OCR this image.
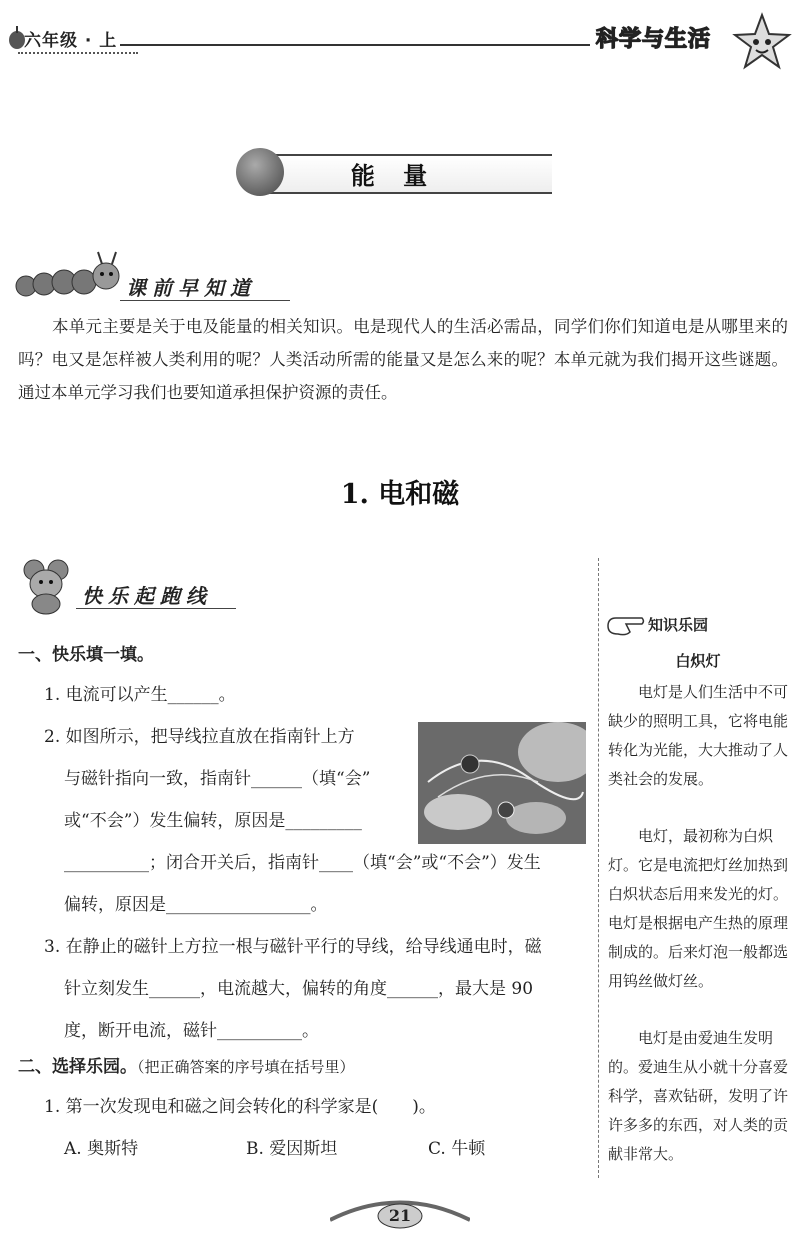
六年级 · 上	科学与生活
能 量
课前早知道
本单元主要是关于电及能量的相关知识。电是现代人的生活必需品，同学们你们知道电是从哪里来的吗？电又是怎样被人类利用的呢？人类活动所需的能量又是怎么来的呢？本单元就为我们揭开这些谜题。通过本单元学习我们也要知道承担保护资源的责任。
1. 电和磁
快乐起跑线
一、快乐填一填。
1. 电流可以产生______。
2. 如图所示，把导线拉直放在指南针上方
与磁针指向一致，指南针______（填“会”
或“不会”）发生偏转，原因是_________
__________；闭合开关后，指南针____（填“会”或“不会”）发生
偏转，原因是_________________。
3. 在静止的磁针上方拉一根与磁针平行的导线，给导线通电时，磁
针立刻发生______，电流越大，偏转的角度______，最大是 90
度，断开电流，磁针__________。
二、选择乐园。（把正确答案的序号填在括号里）
1. 第一次发现电和磁之间会转化的科学家是(　　)。
A. 奥斯特	B. 爱因斯坦	C. 牛顿
知识乐园
白炽灯
电灯是人们生活中不可缺少的照明工具，它将电能转化为光能，大大推动了人类社会的发展。
电灯，最初称为白炽灯。它是电流把灯丝加热到白炽状态后用来发光的灯。电灯是根据电产生热的原理制成的。后来灯泡一般都选用钨丝做灯丝。
电灯是由爱迪生发明的。爱迪生从小就十分喜爱科学，喜欢钻研，发明了许许多多的东西，对人类的贡献非常大。
21
